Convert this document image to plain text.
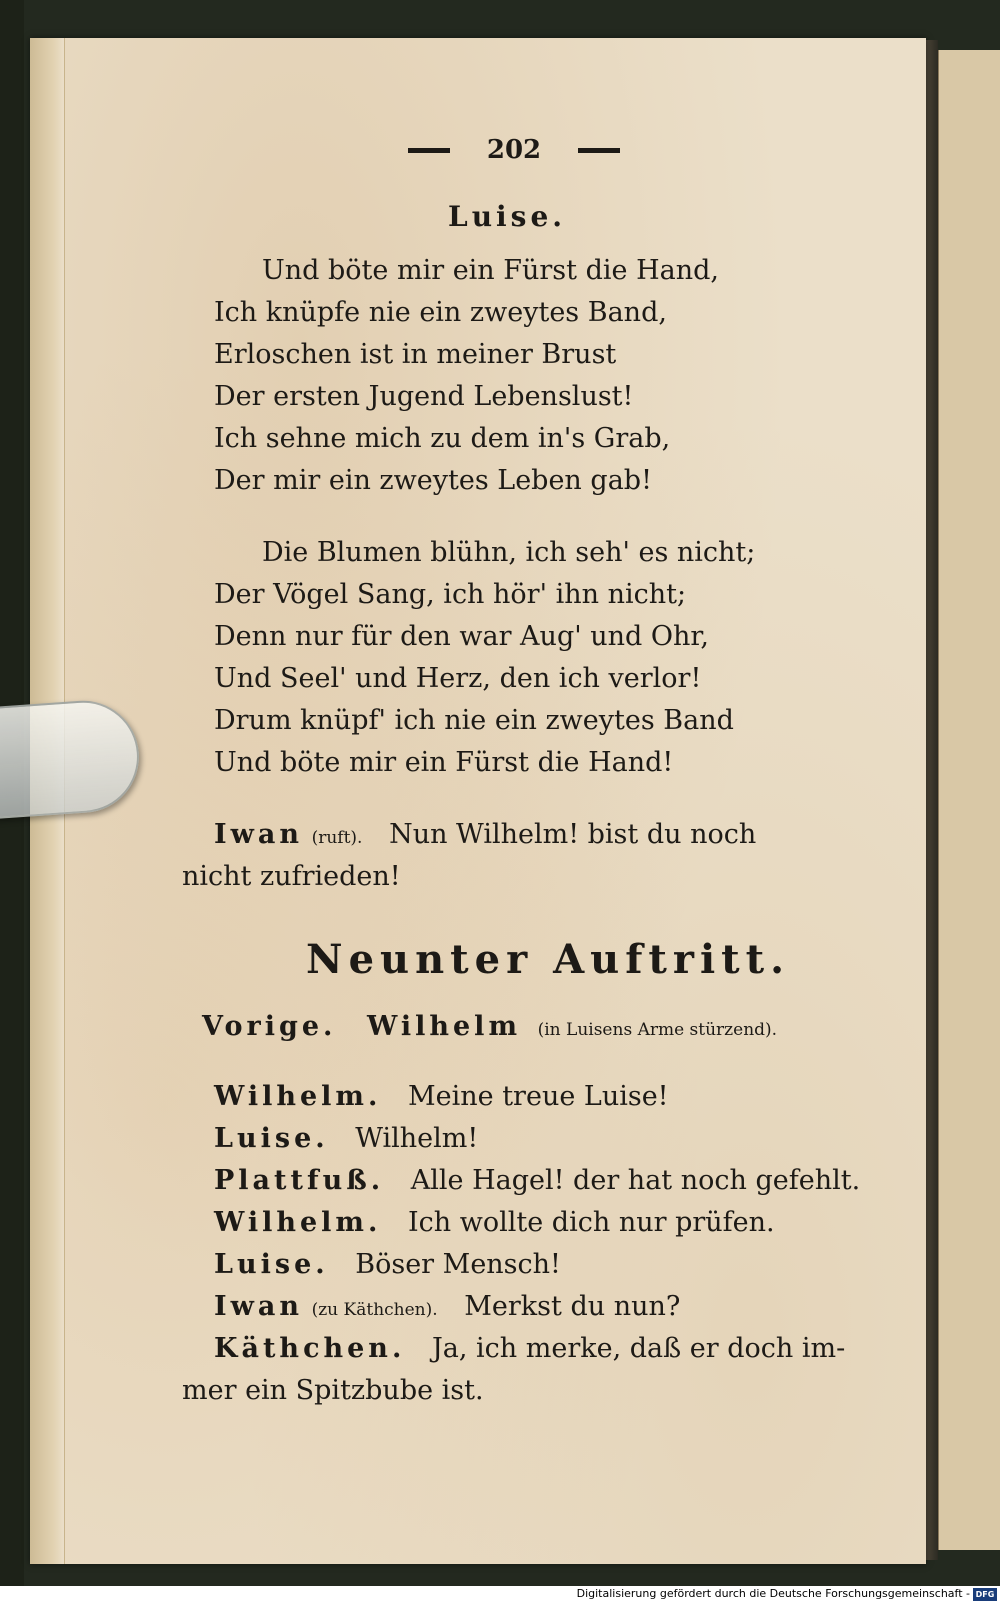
202
Luise.
Und böte mir ein Fürst die Hand,
Ich knüpfe nie ein zweytes Band,
Erloschen ist in meiner Brust
Der ersten Jugend Lebenslust!
Ich sehne mich zu dem in's Grab,
Der mir ein zweytes Leben gab!
Die Blumen blühn, ich seh' es nicht;
Der Vögel Sang, ich hör' ihn nicht;
Denn nur für den war Aug' und Ohr,
Und Seel' und Herz, den ich verlor!
Drum knüpf' ich nie ein zweytes Band
Und böte mir ein Fürst die Hand!
Iwan (ruft). Nun Wilhelm! bist du noch
nicht zufrieden!
Neunter Auftritt.
Vorige. Wilhelm (in Luisens Arme stürzend).
Wilhelm. Meine treue Luise!
Luise. Wilhelm!
Plattfuß. Alle Hagel! der hat noch gefehlt.
Wilhelm. Ich wollte dich nur prüfen.
Luise. Böser Mensch!
Iwan (zu Käthchen). Merkst du nun?
Käthchen. Ja, ich merke, daß er doch im-
mer ein Spitzbube ist.
Digitalisierung gefördert durch die Deutsche Forschungsgemeinschaft - DFG
